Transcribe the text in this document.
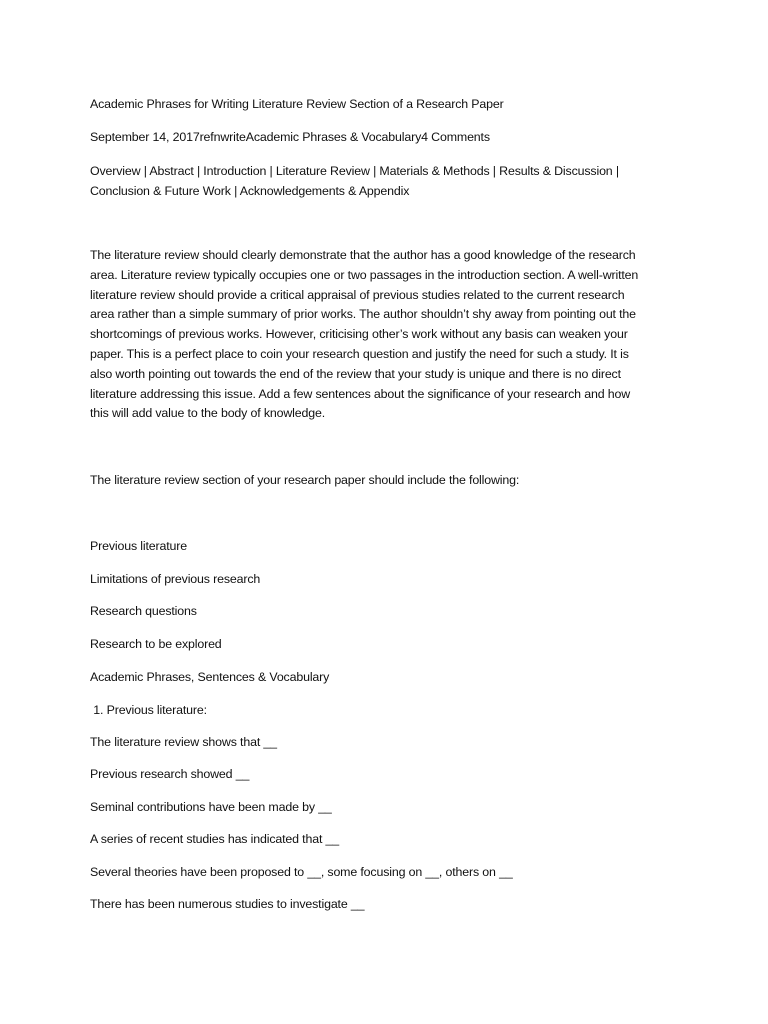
Academic Phrases for Writing Literature Review Section of a Research Paper

September 14, 2017refnwriteAcademic Phrases & Vocabulary4 Comments

Overview | Abstract | Introduction | Literature Review | Materials & Methods | Results & Discussion |

Conclusion & Future Work | Acknowledgements & Appendix

The literature review should clearly demonstrate that the author has a good knowledge of the research

area. Literature review typically occupies one or two passages in the introduction section. A well-written

literature review should provide a critical appraisal of previous studies related to the current research

area rather than a simple summary of prior works. The author shouldn’t shy away from pointing out the

shortcomings of previous works. However, criticising other’s work without any basis can weaken your

paper. This is a perfect place to coin your research question and justify the need for such a study. It is

also worth pointing out towards the end of the review that your study is unique and there is no direct

literature addressing this issue. Add a few sentences about the significance of your research and how

this will add value to the body of knowledge.

The literature review section of your research paper should include the following:

Previous literature

Limitations of previous research

Research questions

Research to be explored

Academic Phrases, Sentences & Vocabulary

1. Previous literature:

The literature review shows that __

Previous research showed __

Seminal contributions have been made by __

A series of recent studies has indicated that __

Several theories have been proposed to __, some focusing on __, others on __

There has been numerous studies to investigate __
